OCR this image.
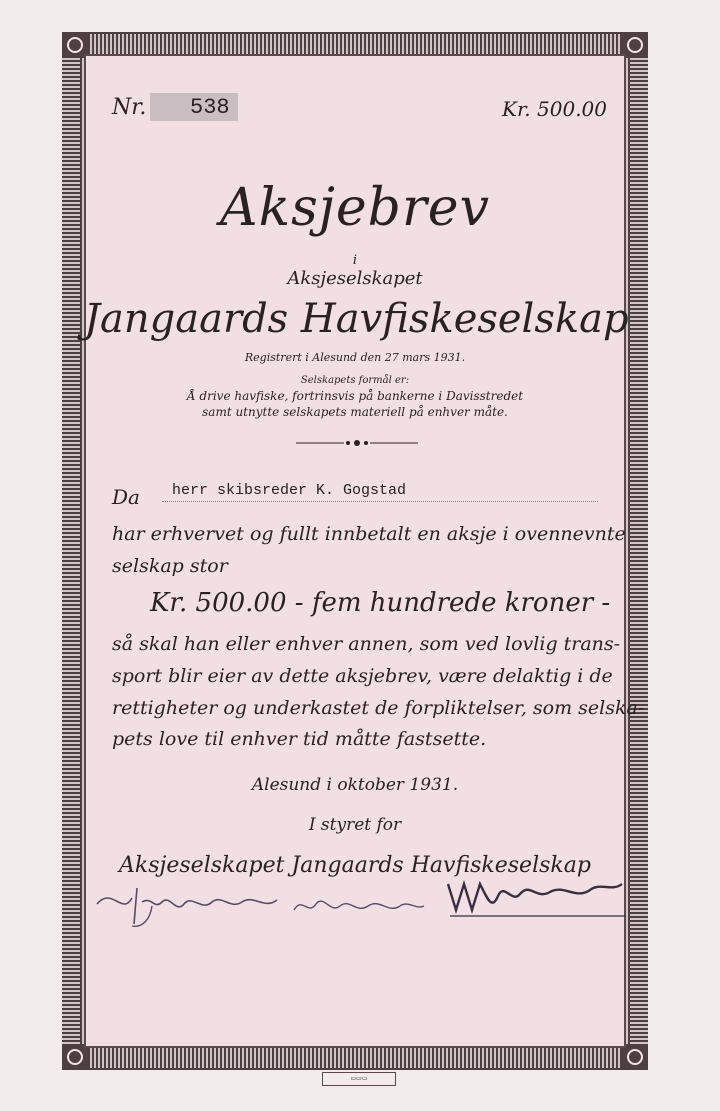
Nr. 538	Kr. 500.00
Aksjebrev
i
Aksjeselskapet
Jangaards Havfiskeselskap
Registrert i Alesund den 27 mars 1931.
Selskapets formål er:
Å drive havfiske, fortrinsvis på bankerne i Davisstredet
samt utnytte selskapets materiell på enhver måte.
Da herr skibsreder K. Gogstad
har erhvervet og fullt innbetalt en aksje i ovennevnte
selskap stor
Kr. 500.00 - fem hundrede kroner -
så skal han eller enhver annen, som ved lovlig trans-
sport blir eier av dette aksjebrev, være delaktig i de
rettigheter og underkastet de forpliktelser, som selska-
pets love til enhver tid måtte fastsette.
Alesund i oktober 1931.
I styret for
Aksjeselskapet Jangaards Havfiskeselskap
▭▭▭
